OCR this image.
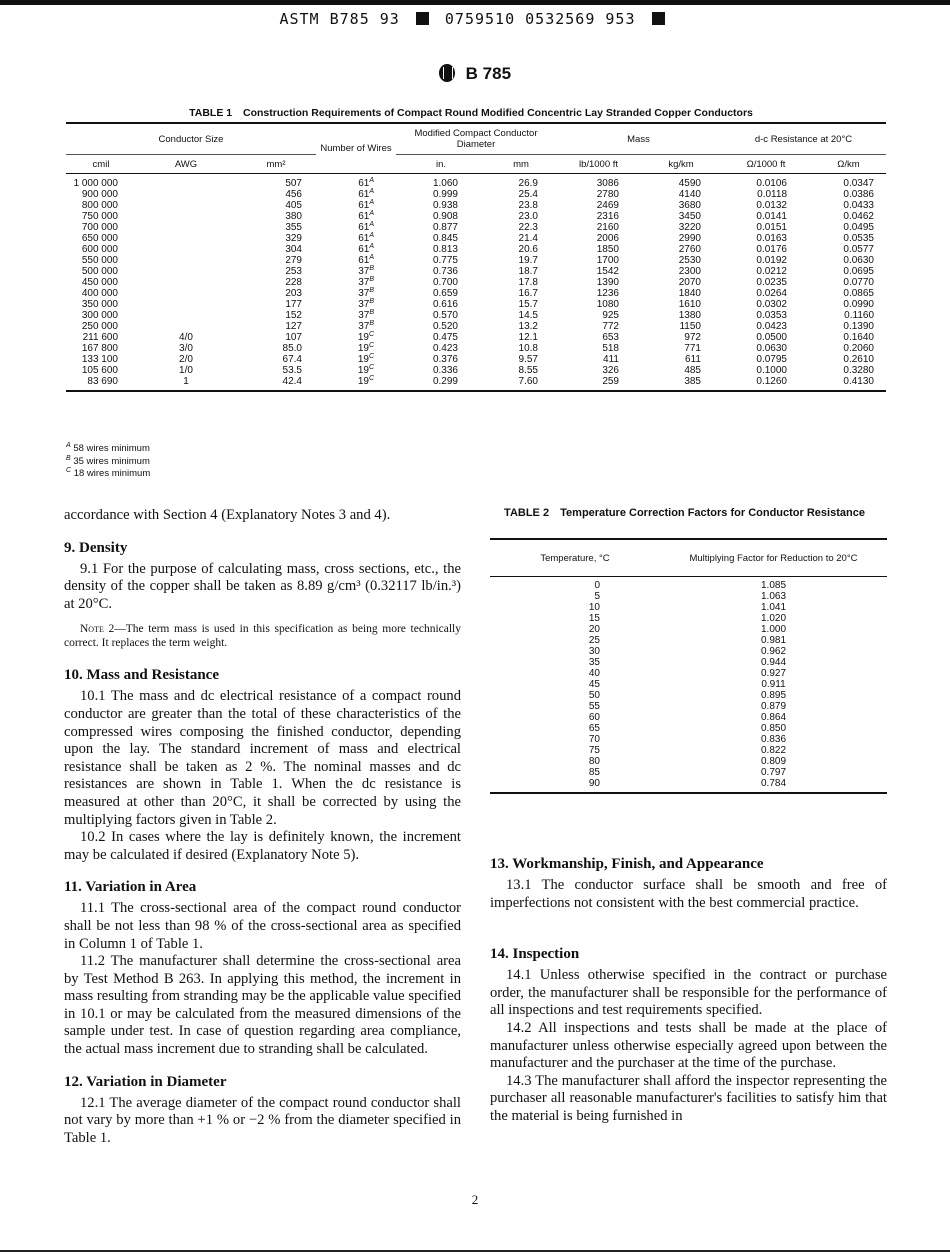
ASTM B785 93	0759510 0532569 953
B 785
TABLE 1 Construction Requirements of Compact Round Modified Concentric Lay Stranded Copper Conductors
Conductor Size			Number of Wires	Modified Compact Conductor Diameter		Mass		d-c Resistance at 20°C	
cmil	AWG	mm²		in.	mm	lb/1000 ft	kg/km	Ω/1000 ft	Ω/km
1 000 000		507	$61^A$	1.060	26.9	3086	4590	0.0106	0.0347
900 000		456	$61^A$	0.999	25.4	2780	4140	0.0118	0.0386
800 000		405	$61^A$	0.938	23.8	2469	3680	0.0132	0.0433
750 000		380	$61^A$	0.908	23.0	2316	3450	0.0141	0.0462
700 000		355	$61^A$	0.877	22.3	2160	3220	0.0151	0.0495
650 000		329	$61^A$	0.845	21.4	2006	2990	0.0163	0.0535
600 000		304	$61^A$	0.813	20.6	1850	2760	0.0176	0.0577
550 000		279	$61^A$	0.775	19.7	1700	2530	0.0192	0.0630
500 000		253	$37^B$	0.736	18.7	1542	2300	0.0212	0.0695
450 000		228	$37^B$	0.700	17.8	1390	2070	0.0235	0.0770
400 000		203	$37^B$	0.659	16.7	1236	1840	0.0264	0.0865
350 000		177	$37^B$	0.616	15.7	1080	1610	0.0302	0.0990
300 000		152	$37^B$	0.570	14.5	925	1380	0.0353	0.1160
250 000		127	$37^B$	0.520	13.2	772	1150	0.0423	0.1390
211 600	4/0	107	$19^C$	0.475	12.1	653	972	0.0500	0.1640
167 800	3/0	85.0	$19^C$	0.423	10.8	518	771	0.0630	0.2060
133 100	2/0	67.4	$19^C$	0.376	9.57	411	611	0.0795	0.2610
105 600	1/0	53.5	$19^C$	0.336	8.55	326	485	0.1000	0.3280
83 690	1	42.4	$19^C$	0.299	7.60	259	385	0.1260	0.4130
$^A$ 58 wires minimum
$^B$ 35 wires minimum
$^C$ 18 wires minimum

accordance with Section 4 (Explanatory Notes 3 and 4).

9. Density

9.1 For the purpose of calculating mass, cross sections, etc., the density of the copper shall be taken as 8.89 g/cm³ (0.32117 lb/in.³) at 20°C.

Note 2—The term mass is used in this specification as being more technically correct. It replaces the term weight.

10. Mass and Resistance

10.1 The mass and dc electrical resistance of a compact round conductor are greater than the total of these characteristics of the compressed wires composing the finished conductor, depending upon the lay. The standard increment of mass and electrical resistance shall be taken as 2 %. The nominal masses and dc resistances are shown in Table 1. When the dc resistance is measured at other than 20°C, it shall be corrected by using the multiplying factors given in Table 2.

10.2 In cases where the lay is definitely known, the increment may be calculated if desired (Explanatory Note 5).

11. Variation in Area

11.1 The cross-sectional area of the compact round conductor shall be not less than 98 % of the cross-sectional area as specified in Column 1 of Table 1.

11.2 The manufacturer shall determine the cross-sectional area by Test Method B 263. In applying this method, the increment in mass resulting from stranding may be the applicable value specified in 10.1 or may be calculated from the measured dimensions of the sample under test. In case of question regarding area compliance, the actual mass increment due to stranding shall be calculated.

12. Variation in Diameter

12.1 The average diameter of the compact round conductor shall not vary by more than +1 % or −2 % from the diameter specified in Table 1.

TABLE 2 Temperature Correction Factors for Conductor Resistance
Temperature, °C	Multiplying Factor for Reduction to 20°C
0	1.085
5	1.063
10	1.041
15	1.020
20	1.000
25	0.981
30	0.962
35	0.944
40	0.927
45	0.911
50	0.895
55	0.879
60	0.864
65	0.850
70	0.836
75	0.822
80	0.809
85	0.797
90	0.784
13. Workmanship, Finish, and Appearance

13.1 The conductor surface shall be smooth and free of imperfections not consistent with the best commercial practice.

14. Inspection

14.1 Unless otherwise specified in the contract or purchase order, the manufacturer shall be responsible for the performance of all inspections and test requirements specified.

14.2 All inspections and tests shall be made at the place of manufacturer unless otherwise especially agreed upon between the manufacturer and the purchaser at the time of the purchase.

14.3 The manufacturer shall afford the inspector representing the purchaser all reasonable manufacturer's facilities to satisfy him that the material is being furnished in

2
